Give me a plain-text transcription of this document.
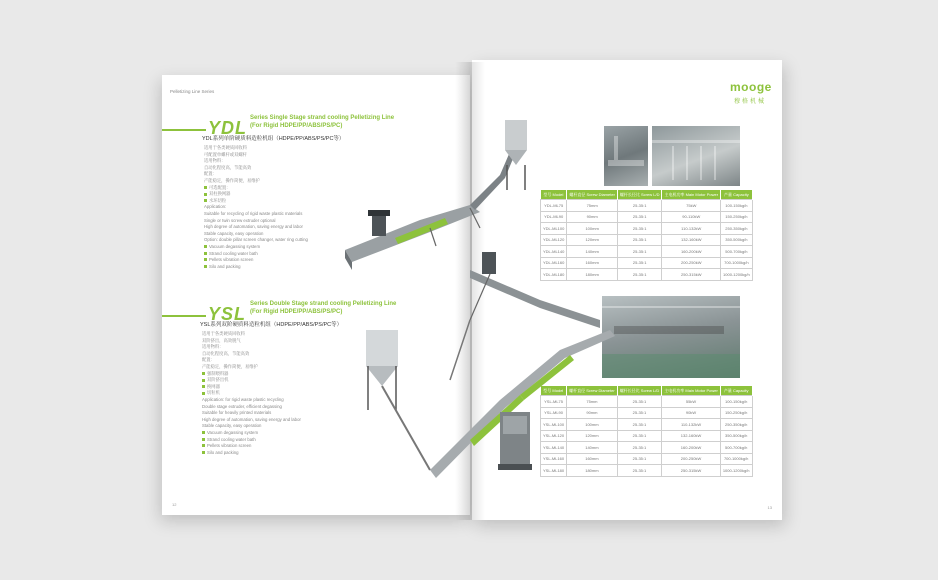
Pelletizing Line Series
YDL Series Single Stage strand cooling Pelletizing Line
(For Rigid HDPE/PP/ABS/PS/PC)
YDL系列单阶硬质料造粒机组（HDPE/PP/ABS/PS/PC等）
适用于各类硬质回收料
可配置单螺杆或双螺杆
适用物料：
自动化程度高，节能高效
配置：
产能稳定，操作简便，易维护
可选配置：
双柱换网器
水环切粒
Application:
Suitable for recycling of rigid waste plastic materials
Single or twin screw extruder optional
High degree of automation, saving energy and labor
Stable capacity, easy operation
Option: double pillar screen changer, water ring cutting
Vacuum degassing system
Strand cooling water bath
Pellets vibration screen
Silo and packing
YSL Series Double Stage strand cooling Pelletizing Line
(For Rigid HDPE/PP/ABS/PS/PC)
YSL系列双阶硬质料造粒机组（HDPE/PP/ABS/PS/PC等）
适用于各类硬质回收料
双阶挤出，高效脱气
适用物料：
自动化程度高，节能高效
配置：
产能稳定，操作简便，易维护
强制喂料器
双阶挤出机
换网器
切粒机
Application: for rigid waste plastic recycling
Double stage extruder, efficient degassing
Suitable for heavily printed materials
High degree of automation, saving energy and labor
Stable capacity, easy operation
Vacuum degassing system
Strand cooling water bath
Pellets vibration screen
Silo and packing
12
mooge
穆格机械
型号 Model	螺杆直径 Screw Diameter	螺杆长径比 Screw L/D	主电机功率 Main Motor Power	产量 Capacity
YDL-ML75	75mm	25-35:1	75kW	100-150kg/h
YDL-ML90	90mm	25-35:1	90-110kW	150-250kg/h
YDL-ML100	100mm	25-35:1	110-132kW	250-350kg/h
YDL-ML120	120mm	25-35:1	132-160kW	350-500kg/h
YDL-ML140	140mm	25-35:1	160-200kW	500-700kg/h
YDL-ML160	160mm	25-35:1	200-250kW	700-1000kg/h
YDL-ML180	180mm	25-35:1	250-315kW	1000-1200kg/h
型号 Model	螺杆直径 Screw Diameter	螺杆长径比 Screw L/D	主电机功率 Main Motor Power	产量 Capacity
YSL-ML75	75mm	25-35:1	55kW	100-150kg/h
YSL-ML90	90mm	25-35:1	90kW	150-250kg/h
YSL-ML100	100mm	25-35:1	110-132kW	250-350kg/h
YSL-ML120	120mm	25-35:1	132-160kW	350-500kg/h
YSL-ML140	140mm	25-35:1	160-200kW	500-700kg/h
YSL-ML160	160mm	25-35:1	200-250kW	700-1000kg/h
YSL-ML180	180mm	25-35:1	250-315kW	1000-1200kg/h
13
